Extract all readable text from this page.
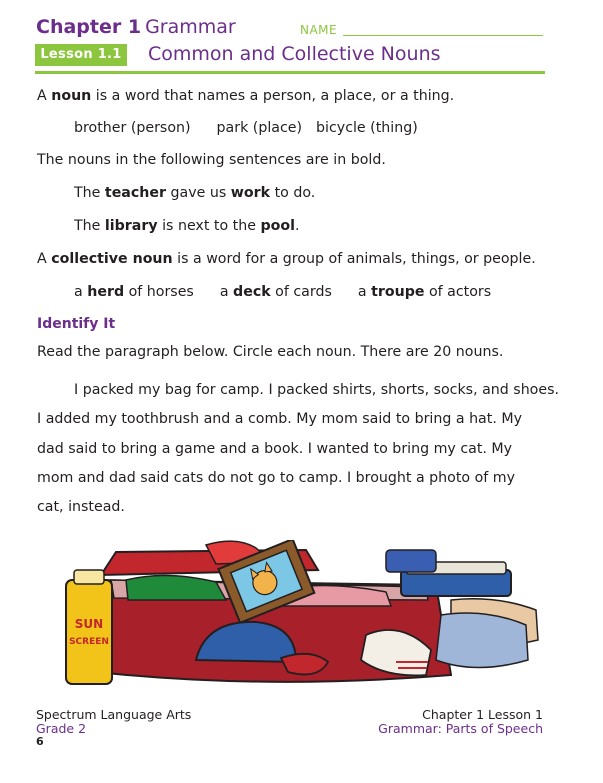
Chapter 1 Grammar	NAME
Lesson 1.1 Common and Collective Nouns
A noun is a word that names a person, a place, or a thing.
brother (person) park (place) bicycle (thing)
The nouns in the following sentences are in bold.
The teacher gave us work to do.
The library is next to the pool.
A collective noun is a word for a group of animals, things, or people.
a herd of horses a deck of cards a troupe of actors
Identify It
Read the paragraph below. Circle each noun. There are 20 nouns.
I packed my bag for camp. I packed shirts, shorts, socks, and shoes.
I added my toothbrush and a comb. My mom said to bring a hat. My
dad said to bring a game and a book. I wanted to bring my cat. My
mom and dad said cats do not go to camp. I brought a photo of my
cat, instead.
SUN
SCREEN
Spectrum Language Arts
Grade 2
Chapter 1 Lesson 1
Grammar: Parts of Speech
6
